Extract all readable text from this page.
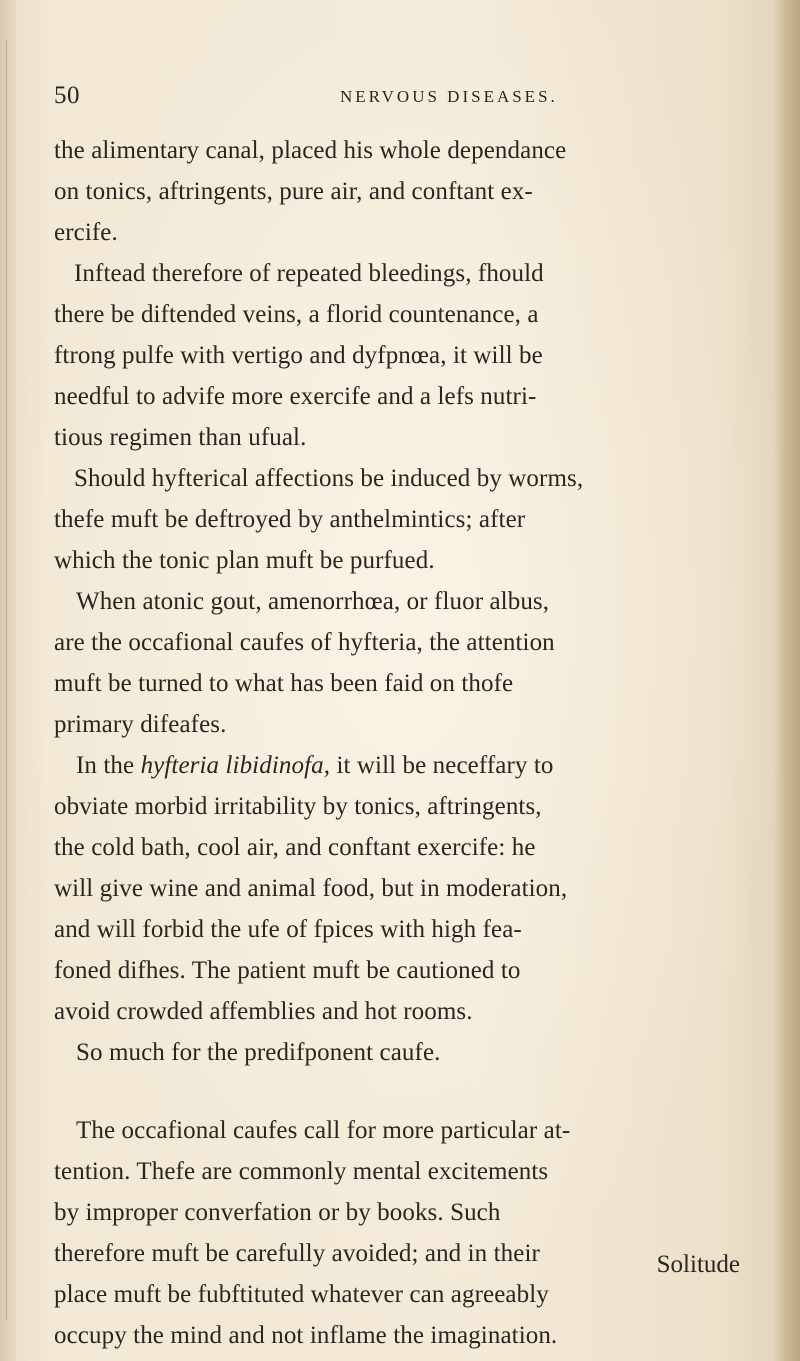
50	NERVOUS DISEASES.
the alimentary canal, placed his whole dependance
on tonics, aftringents, pure air, and conftant ex-
ercife.
Inftead therefore of repeated bleedings, fhould
there be diftended veins, a florid countenance, a
ftrong pulfe with vertigo and dyfpnœa, it will be
needful to advife more exercife and a lefs nutri-
tious regimen than ufual.
Should hyfterical affections be induced by worms,
thefe muft be deftroyed by anthelmintics; after
which the tonic plan muft be purfued.
When atonic gout, amenorrhœa, or fluor albus,
are the occafional caufes of hyfteria, the attention
muft be turned to what has been faid on thofe
primary difeafes.
In the hyfteria libidinofa, it will be neceffary to
obviate morbid irritability by tonics, aftringents,
the cold bath, cool air, and conftant exercife: he
will give wine and animal food, but in moderation,
and will forbid the ufe of fpices with high fea-
foned difhes. The patient muft be cautioned to
avoid crowded affemblies and hot rooms.
So much for the predifponent caufe.
The occafional caufes call for more particular at-
tention. Thefe are commonly mental excitements
by improper converfation or by books. Such
therefore muft be carefully avoided; and in their
place muft be fubftituted whatever can agreeably
occupy the mind and not inflame the imagination.
Solitude
